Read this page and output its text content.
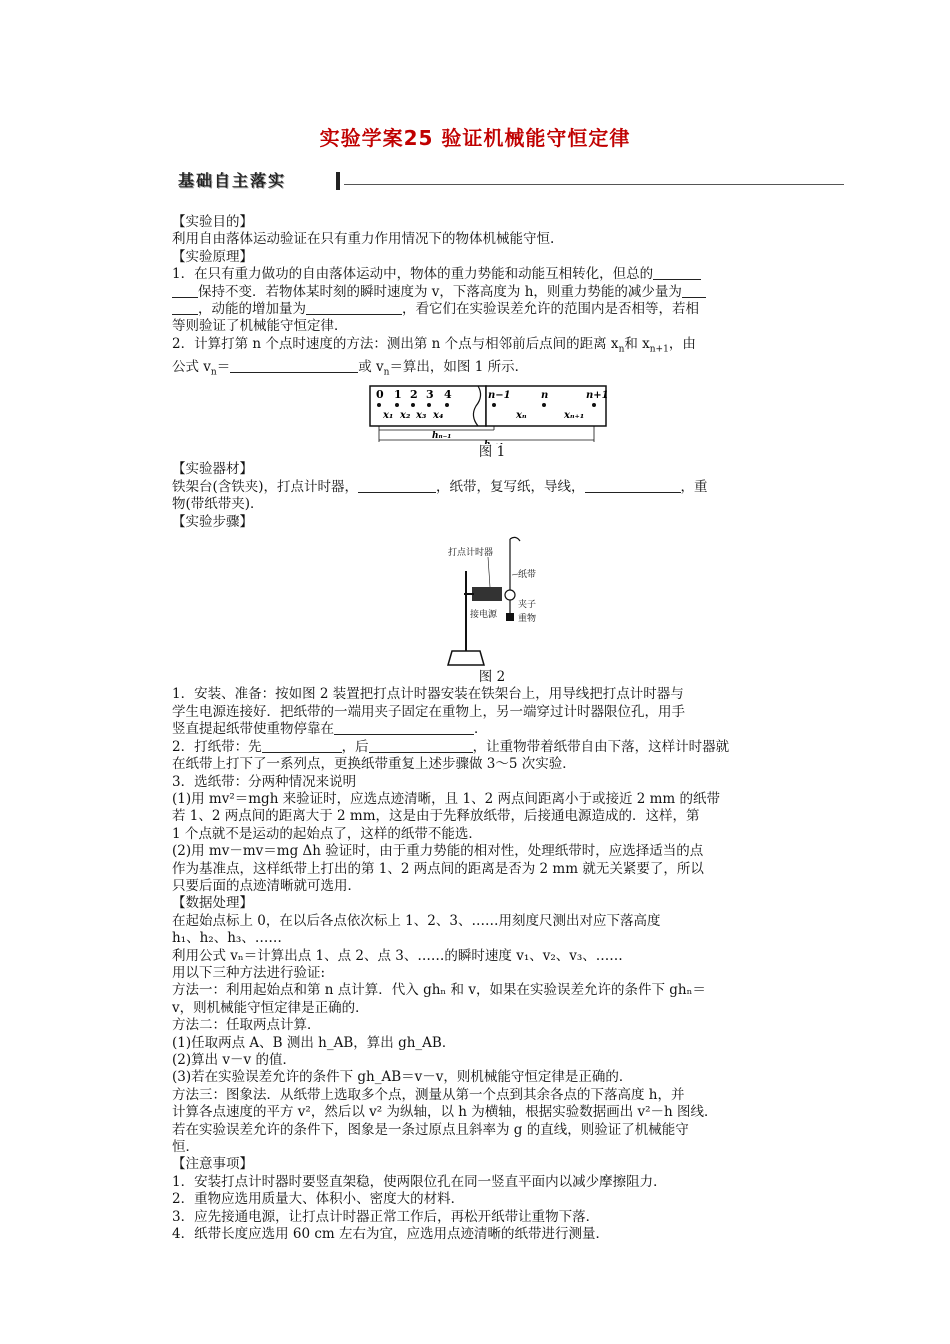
实验学案25 验证机械能守恒定律
基础自主落实
【实验目的】
利用自由落体运动验证在只有重力作用情况下的物体机械能守恒.
【实验原理】
1．在只有重力做功的自由落体运动中，物体的重力势能和动能互相转化，但总的
保持不变．若物体某时刻的瞬时速度为 v，下落高度为 h，则重力势能的减少量为
，动能的增加量为	，看它们在实验误差允许的范围内是否相等，若相
等则验证了机械能守恒定律．
2．计算打第 n 个点时速度的方法：测出第 n 个点与相邻前后点间的距离 $x_n$和 $x_{n+1}$，由
公式 $v_n=$	或 $v_n=$算出，如图 1 所示．
0 1 2 3 4
x₁ x₂ x₃ x₄
n−1	n	n+1
xₙ	xₙ₊₁
hₙ₋₁
图 1
【实验器材】
铁架台(含铁夹)，打点计时器，	，纸带，复写纸，导线，	，重
物(带纸带夹)．
【实验步骤】
打点计时器
纸带
夹子
接电源 重物
图 2
1．安装、准备：按如图 2 装置把打点计时器安装在铁架台上，用导线把打点计时器与
学生电源连接好．把纸带的一端用夹子固定在重物上，另一端穿过计时器限位孔，用手
竖直提起纸带使重物停靠在	．
2．打纸带：先	，后	，让重物带着纸带自由下落，这样计时器就
在纸带上打下了一系列点，更换纸带重复上述步骤做 3～5 次实验．
3．选纸带：分两种情况来说明
(1)用 mv²＝mgh 来验证时，应选点迹清晰，且 1、2 两点间距离小于或接近 2 mm 的纸带
若 1、2 两点间的距离大于 2 mm，这是由于先释放纸带，后接通电源造成的．这样，第
1 个点就不是运动的起始点了，这样的纸带不能选．
(2)用 mv－mv＝mg Δh 验证时，由于重力势能的相对性，处理纸带时，应选择适当的点
作为基准点，这样纸带上打出的第 1、2 两点间的距离是否为 2 mm 就无关紧要了，所以
只要后面的点迹清晰就可选用．
【数据处理】
在起始点标上 0，在以后各点依次标上 1、2、3、……用刻度尺测出对应下落高度
h₁、h₂、h₃、……
利用公式 vₙ＝计算出点 1、点 2、点 3、……的瞬时速度 v₁、v₂、v₃、……
用以下三种方法进行验证:
方法一：利用起始点和第 n 点计算．代入 ghₙ 和 v，如果在实验误差允许的条件下 ghₙ＝
v，则机械能守恒定律是正确的．
方法二：任取两点计算．
(1)任取两点 A、B 测出 h_AB，算出 gh_AB．
(2)算出 v－v 的值．
(3)若在实验误差允许的条件下 gh_AB＝v－v，则机械能守恒定律是正确的．
方法三：图象法．从纸带上选取多个点，测量从第一个点到其余各点的下落高度 h，并
计算各点速度的平方 v²，然后以 v² 为纵轴，以 h 为横轴，根据实验数据画出 v²－h 图线．
若在实验误差允许的条件下，图象是一条过原点且斜率为 g 的直线，则验证了机械能守
恒．
【注意事项】
1．安装打点计时器时要竖直架稳，使两限位孔在同一竖直平面内以减少摩擦阻力．
2．重物应选用质量大、体积小、密度大的材料．
3．应先接通电源，让打点计时器正常工作后，再松开纸带让重物下落．
4．纸带长度应选用 60 cm 左右为宜，应选用点迹清晰的纸带进行测量．
